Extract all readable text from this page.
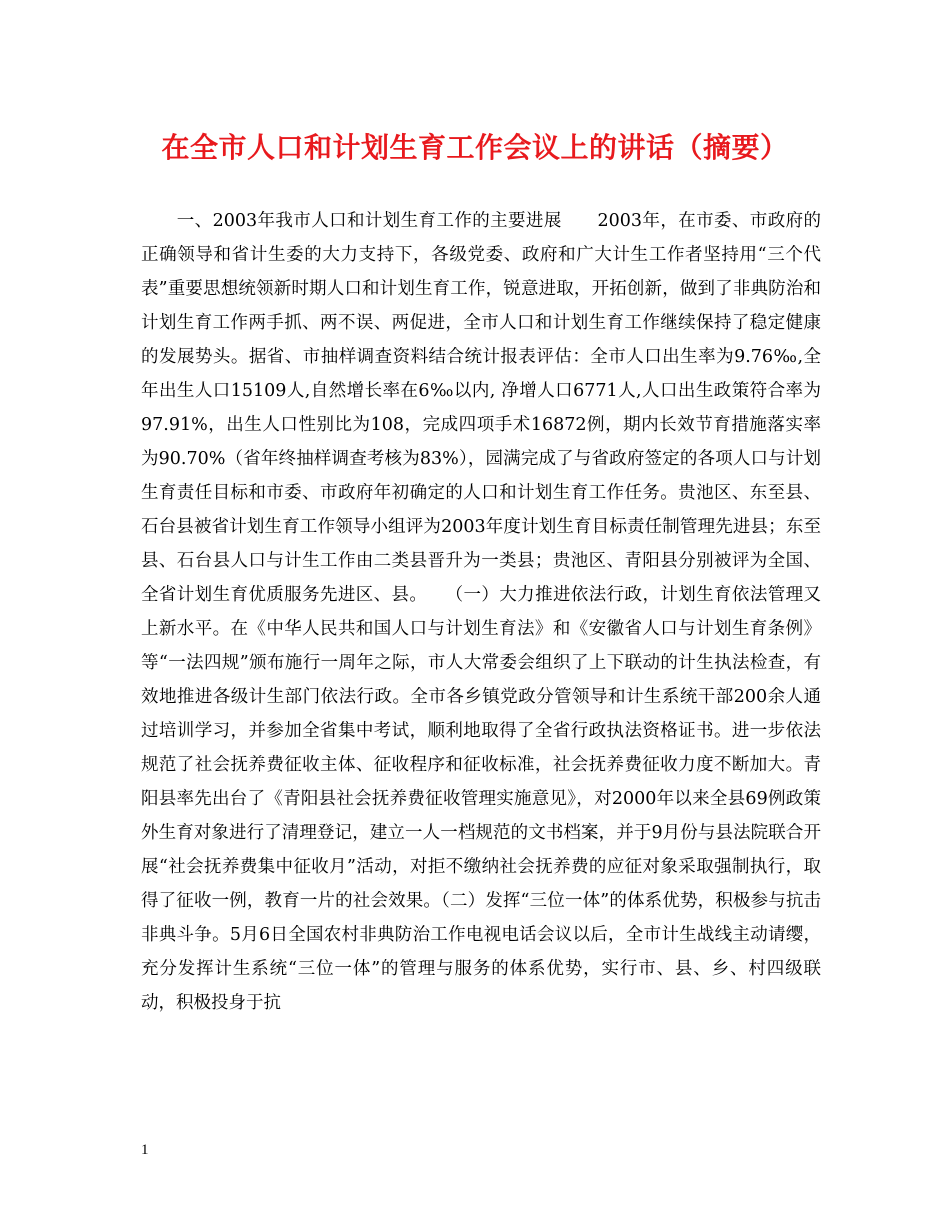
在全市人口和计划生育工作会议上的讲话（摘要）

　　一、2003年我市人口和计划生育工作的主要进展　　2003年，在市委、市政府的正确领导和省计生委的大力支持下，各级党委、政府和广大计生工作者坚持用“三个代表”重要思想统领新时期人口和计划生育工作，锐意进取，开拓创新，做到了非典防治和计划生育工作两手抓、两不误、两促进，全市人口和计划生育工作继续保持了稳定健康的发展势头。据省、市抽样调查资料结合统计报表评估：全市人口出生率为9.76‰,全年出生人口15109人,自然增长率在6‰以内, 净增人口6771人,人口出生政策符合率为97.91%，出生人口性别比为108，完成四项手术16872例，期内长效节育措施落实率为90.70%（省年终抽样调查考核为83%），园满完成了与省政府签定的各项人口与计划生育责任目标和市委、市政府年初确定的人口和计划生育工作任务。贵池区、东至县、石台县被省计划生育工作领导小组评为2003年度计划生育目标责任制管理先进县；东至县、石台县人口与计生工作由二类县晋升为一类县；贵池区、青阳县分别被评为全国、全省计划生育优质服务先进区、县。　　（一）大力推进依法行政，计划生育依法管理又上新水平。在《中华人民共和国人口与计划生育法》和《安徽省人口与计划生育条例》等“一法四规”颁布施行一周年之际，市人大常委会组织了上下联动的计生执法检查，有效地推进各级计生部门依法行政。全市各乡镇党政分管领导和计生系统干部200余人通过培训学习，并参加全省集中考试，顺利地取得了全省行政执法资格证书。进一步依法规范了社会抚养费征收主体、征收程序和征收标准，社会抚养费征收力度不断加大。青阳县率先出台了《青阳县社会抚养费征收管理实施意见》，对2000年以来全县69例政策外生育对象进行了清理登记，建立一人一档规范的文书档案，并于9月份与县法院联合开展“社会抚养费集中征收月”活动，对拒不缴纳社会抚养费的应征对象采取强制执行，取得了征收一例，教育一片的社会效果。（二）发挥“三位一体”的体系优势，积极参与抗击非典斗争。5月6日全国农村非典防治工作电视电话会议以后，全市计生战线主动请缨，充分发挥计生系统“三位一体”的管理与服务的体系优势，实行市、县、乡、村四级联动，积极投身于抗

1
